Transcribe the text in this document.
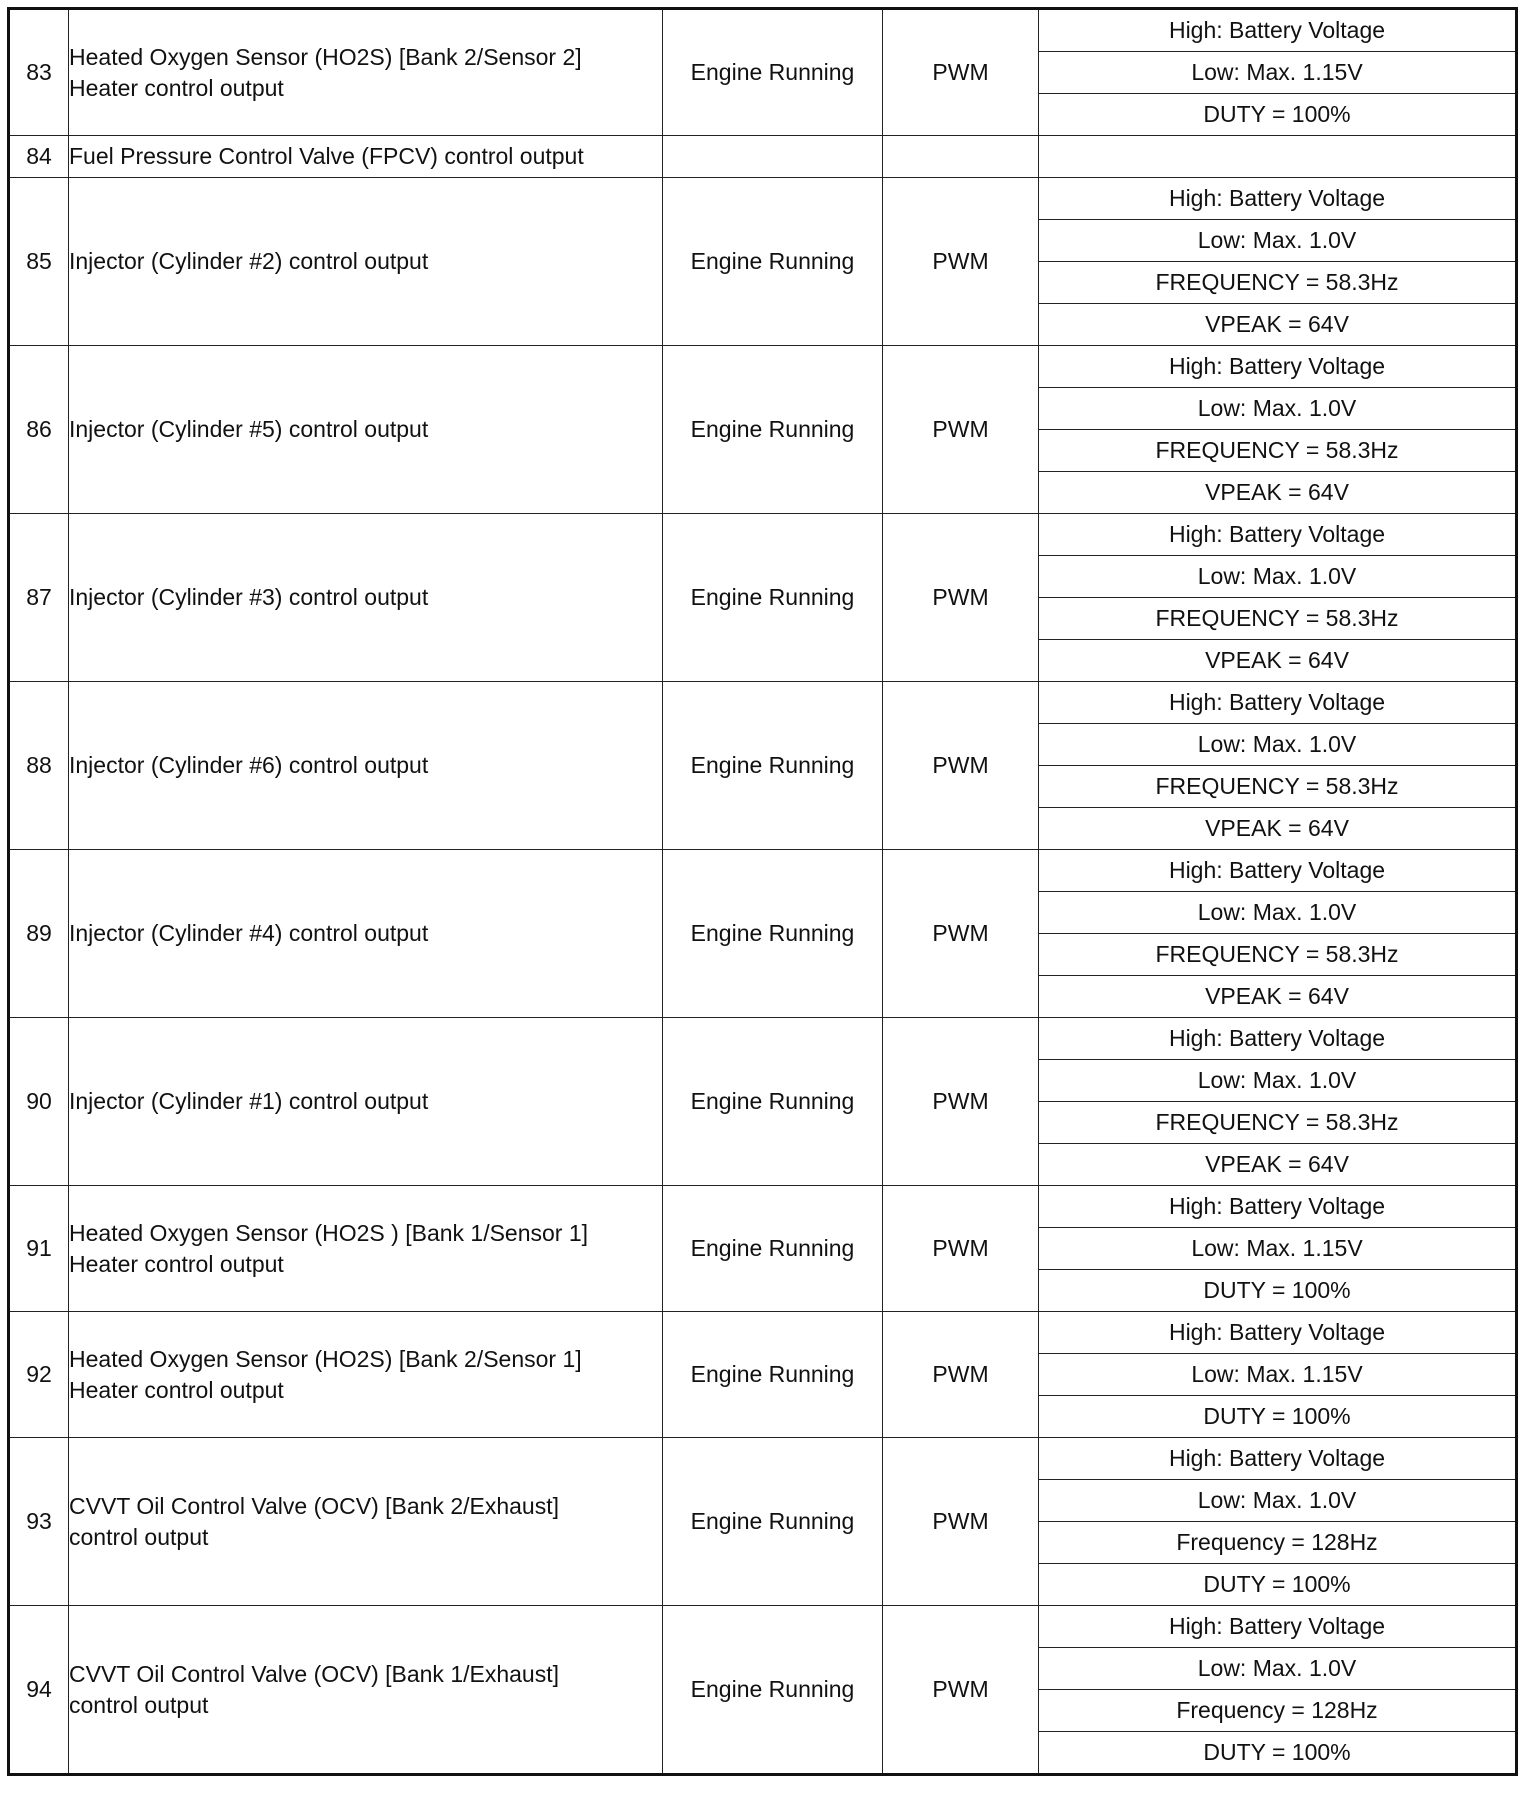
83	Heated Oxygen Sensor (HO2S) [Bank 2/Sensor 2]
Heater control output	Engine Running	PWM	High: Battery Voltage
				Low: Max. 1.15V
				DUTY = 100%
84	Fuel Pressure Control Valve (FPCV) control output			

85	Injector (Cylinder #2) control output	Engine Running	PWM	High: Battery Voltage
				Low: Max. 1.0V
				FREQUENCY = 58.3Hz
				VPEAK = 64V
86	Injector (Cylinder #5) control output	Engine Running	PWM	High: Battery Voltage
				Low: Max. 1.0V
				FREQUENCY = 58.3Hz
				VPEAK = 64V
87	Injector (Cylinder #3) control output	Engine Running	PWM	High: Battery Voltage
				Low: Max. 1.0V
				FREQUENCY = 58.3Hz
				VPEAK = 64V
88	Injector (Cylinder #6) control output	Engine Running	PWM	High: Battery Voltage
				Low: Max. 1.0V
				FREQUENCY = 58.3Hz
				VPEAK = 64V
89	Injector (Cylinder #4) control output	Engine Running	PWM	High: Battery Voltage
				Low: Max. 1.0V
				FREQUENCY = 58.3Hz
				VPEAK = 64V
90	Injector (Cylinder #1) control output	Engine Running	PWM	High: Battery Voltage
				Low: Max. 1.0V
				FREQUENCY = 58.3Hz
				VPEAK = 64V
91	Heated Oxygen Sensor (HO2S ) [Bank 1/Sensor 1]
Heater control output	Engine Running	PWM	High: Battery Voltage
				Low: Max. 1.15V
				DUTY = 100%
92	Heated Oxygen Sensor (HO2S) [Bank 2/Sensor 1]
Heater control output	Engine Running	PWM	High: Battery Voltage
				Low: Max. 1.15V
				DUTY = 100%
93	CVVT Oil Control Valve (OCV) [Bank 2/Exhaust]
control output	Engine Running	PWM	High: Battery Voltage
				Low: Max. 1.0V
				Frequency = 128Hz
				DUTY = 100%
94	CVVT Oil Control Valve (OCV) [Bank 1/Exhaust]
control output	Engine Running	PWM	High: Battery Voltage
				Low: Max. 1.0V
				Frequency = 128Hz
				DUTY = 100%
